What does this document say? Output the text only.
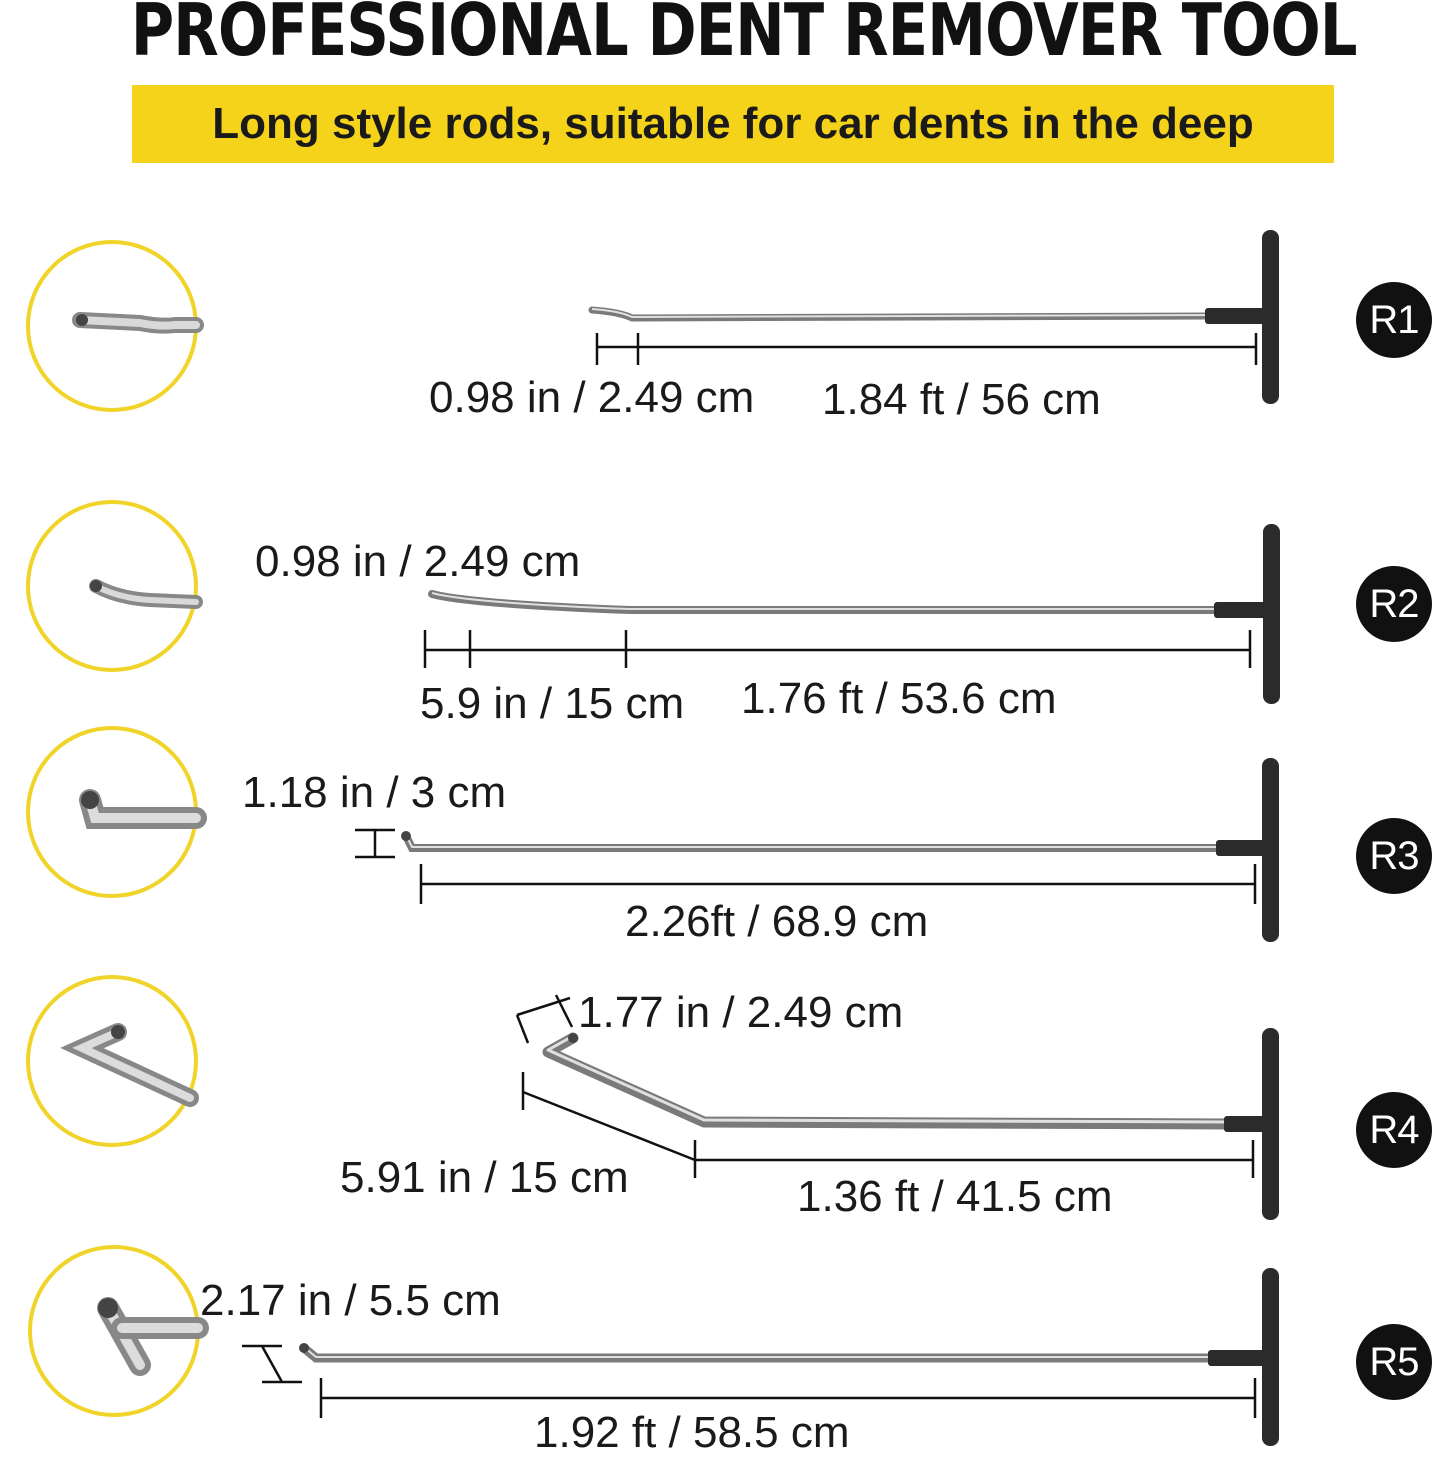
PROFESSIONAL DENT REMOVER TOOL
Long style rods, suitable for car dents in the deep
0.98 in / 2.49 cm 1.84 ft / 56 cm
R1
0.98 in / 2.49 cm
5.9 in / 15 cm 1.76 ft / 53.6 cm
R2
1.18 in / 3 cm
2.26ft / 68.9 cm
R3
1.77 in / 2.49 cm
5.91 in / 15 cm	1.36 ft / 41.5 cm
R4
2.17 in / 5.5 cm
1.92 ft / 58.5 cm
R5
